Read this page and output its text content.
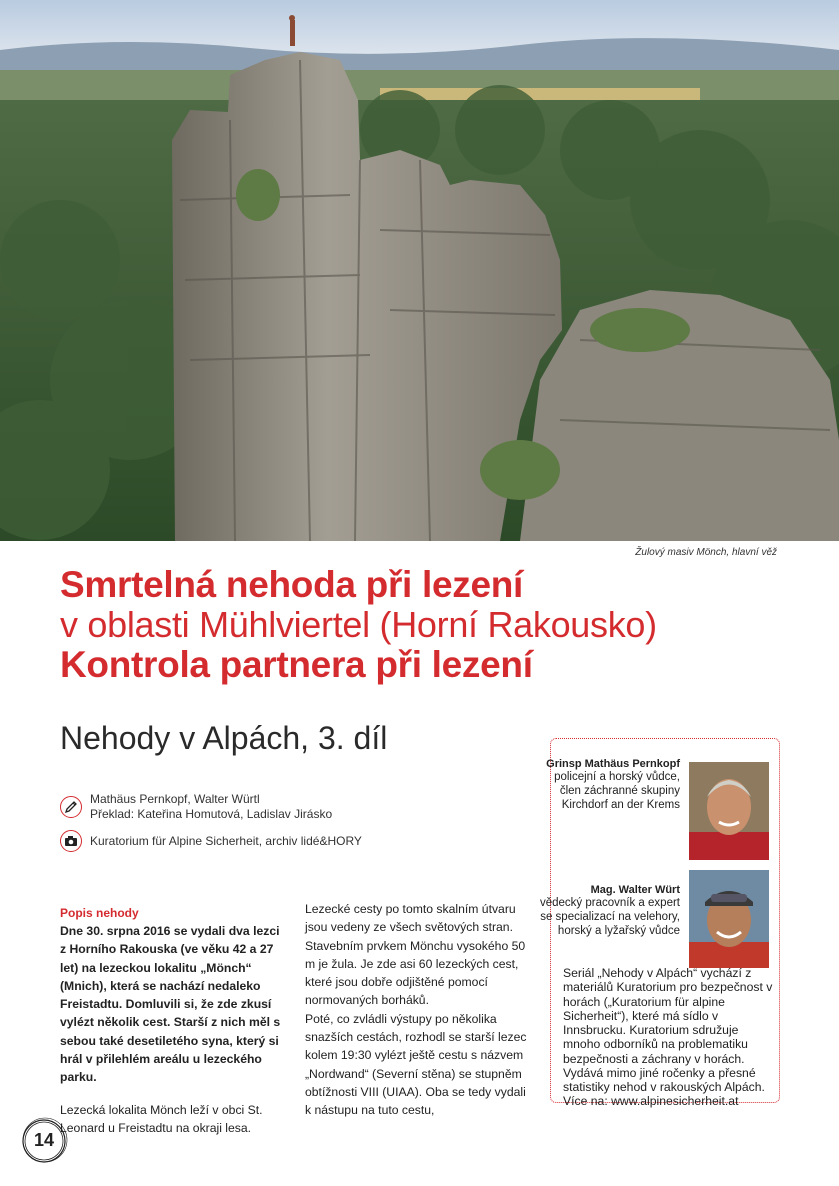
Žulový masiv Mönch, hlavní věž
Smrtelná nehoda při lezení
v oblasti Mühlviertel (Horní Rakousko)
Kontrola partnera při lezení
Nehody v Alpách, 3. díl
Mathäus Pernkopf, Walter Würtl
Překlad: Kateřina Homutová, Ladislav Jirásko
Kuratorium für Alpine Sicherheit, archiv lidé&HORY
Popis nehody

Dne 30. srpna 2016 se vydali dva lezci z Horního Rakouska (ve věku 42 a 27 let) na lezeckou lokalitu „Mönch“ (Mnich), která se nachází nedaleko Freistadtu. Domluvili si, že zde zkusí vylézt několik cest. Starší z nich měl s sebou také desetiletého syna, který si hrál v přilehlém areálu u lezeckého parku.

Lezecká lokalita Mönch leží v obci St. Leonard u Freistadtu na okraji lesa.

Lezecké cesty po tomto skalním útvaru jsou vedeny ze všech světových stran. Stavebním prvkem Mönchu vysokého 50 m je žula. Je zde asi 60 lezeckých cest, které jsou dobře odjištěné pomocí normovaných borháků.

Poté, co zvládli výstupy po několika snazších cestách, rozhodl se starší lezec kolem 19:30 vylézt ještě cestu s názvem „Nordwand“ (Severní stěna) se stupněm obtížnosti VIII (UIAA). Oba se tedy vydali k nástupu na tuto cestu,

Grinsp Mathäus Pernkopf
policejní a horský vůdce, člen záchranné skupiny Kirchdorf an der Krems
Mag. Walter Würt
vědecký pracovník a expert se specializací na velehory, horský a lyžařský vůdce
Seriál „Nehody v Alpách“ vychází z materiálů Kuratorium pro bezpečnost v horách („Kuratorium für alpine Sicherheit“), které má sídlo v Innsbrucku. Kuratorium sdružuje mnoho odborníků na problematiku bezpečnosti a záchrany v horách. Vydává mimo jiné ročenky a přesné statistiky nehod v rakouských Alpách.
Více na: www.alpinesicherheit.at
14
